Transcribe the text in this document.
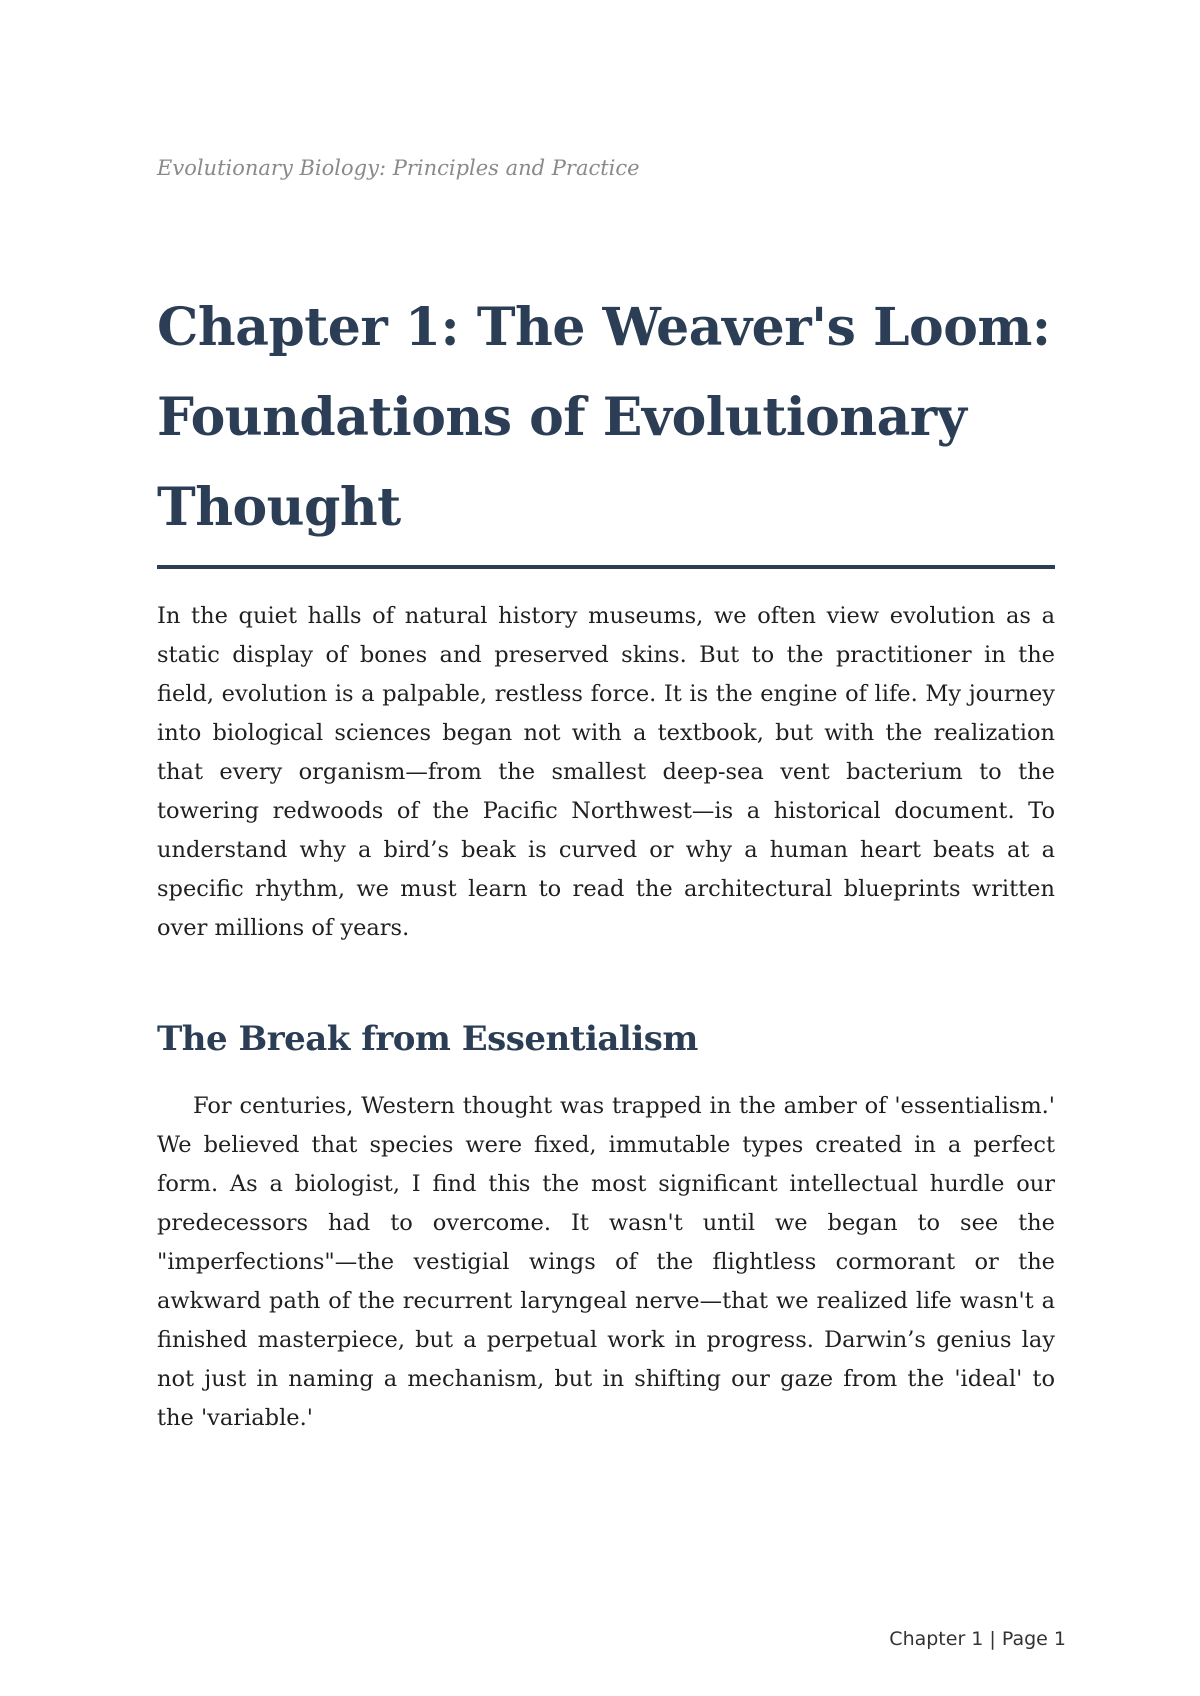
Evolutionary Biology: Principles and Practice
Chapter 1: The Weaver's Loom: Foundations of Evolutionary Thought

In the quiet halls of natural history museums, we often view evolution as a static display of bones and preserved skins. But to the practitioner in the field, evolution is a palpable, restless force. It is the engine of life. My journey into biological sciences began not with a textbook, but with the realization that every organism—from the smallest deep-sea vent bacterium to the towering redwoods of the Pacific Northwest—is a historical document. To understand why a bird’s beak is curved or why a human heart beats at a specific rhythm, we must learn to read the architectural blueprints written over millions of years.

The Break from Essentialism

For centuries, Western thought was trapped in the amber of 'essentialism.' We believed that species were fixed, immutable types created in a perfect form. As a biologist, I find this the most significant intellectual hurdle our predecessors had to overcome. It wasn't until we began to see the "imperfections"—the vestigial wings of the flightless cormorant or the awkward path of the recurrent laryngeal nerve—that we realized life wasn't a finished masterpiece, but a perpetual work in progress. Darwin’s genius lay not just in naming a mechanism, but in shifting our gaze from the 'ideal' to the 'variable.'

Chapter 1 | Page 1
